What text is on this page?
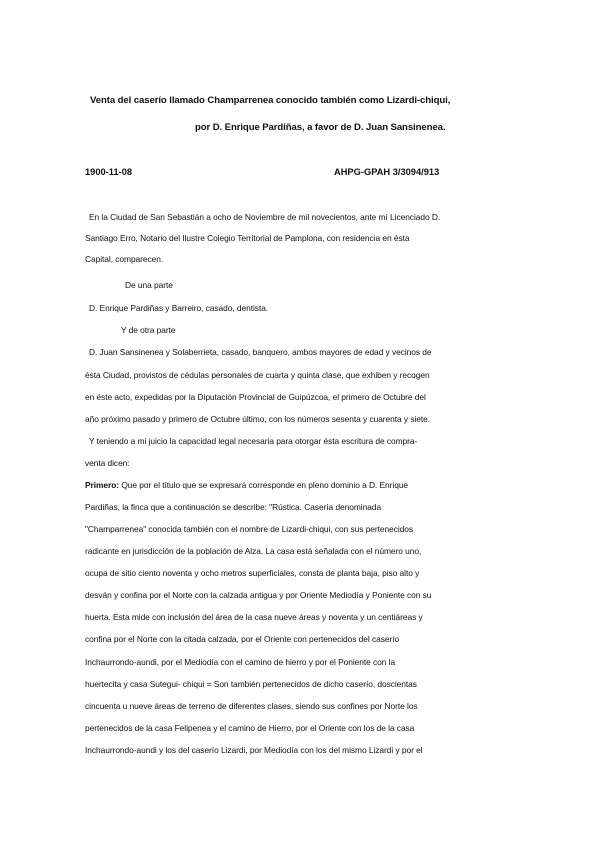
Venta del caserío llamado Champarrenea conocido también como Lizardi-chiqui,
por D. Enrique Pardiñas, a favor de D. Juan Sansinenea.
1900-11-08	AHPG-GPAH 3/3094/913
En la Ciudad de San Sebastián a ocho de Noviembre de mil novecientos, ante mí Licenciado D.
Santiago Erro, Notario del Ilustre Colegio Territorial de Pamplona, con residencia en ésta
Capital, comparecen.
De una parte
D. Enrique Pardiñas y Barreiro, casado, dentista.
Y de otra parte
D. Juan Sansinenea y Solaberrieta, casado, banquero, ambos mayores de edad y vecinos de
ésta Ciudad, provistos de cédulas personales de cuarta y quinta clase, que exhiben y recogen
en éste acto, expedidas por la Diputación Provincial de Guipúzcoa, el primero de Octubre del
año próximo pasado y primero de Octubre último, con los números sesenta y cuarenta y siete.
Y teniendo a mi juicio la capacidad legal necesaria para otorgar ésta escritura de compra-
venta dicen:
Primero: Que por el título que se expresará corresponde en pleno dominio a D. Enrique
Pardiñas, la finca que a continuación se describe: "Rústica. Casería denominada
"Champarrenea" conocida también con el nombre de Lizardi-chiqui, con sus pertenecidos
radicante en jurisdicción de la población de Alza. La casa está señalada con el número uno,
ocupa de sitio ciento noventa y ocho metros superficiales, consta de planta baja, piso alto y
desván y confina por el Norte con la calzada antigua y por Oriente Mediodía y Poniente con su
huerta. Esta mide con inclusión del área de la casa nueve áreas y noventa y un centiáreas y
confina por el Norte con la citada calzada, por el Oriente con pertenecidos del caserío
Inchaurrondo-aundi, por el Mediodía con el camino de hierro y por el Poniente con la
huertecita y casa Sutegui- chiqui = Son también pertenecidos de dicho caserío, doscientas
cincuenta u nueve áreas de terreno de diferentes clases, siendo sus confines por Norte los
pertenecidos de la casa Felipenea y el camino de Hierro, por el Oriente con los de la casa
Inchaurrondo-aundi y los del caserío Lizardi, por Mediodía con los del mismo Lizardi y por el
